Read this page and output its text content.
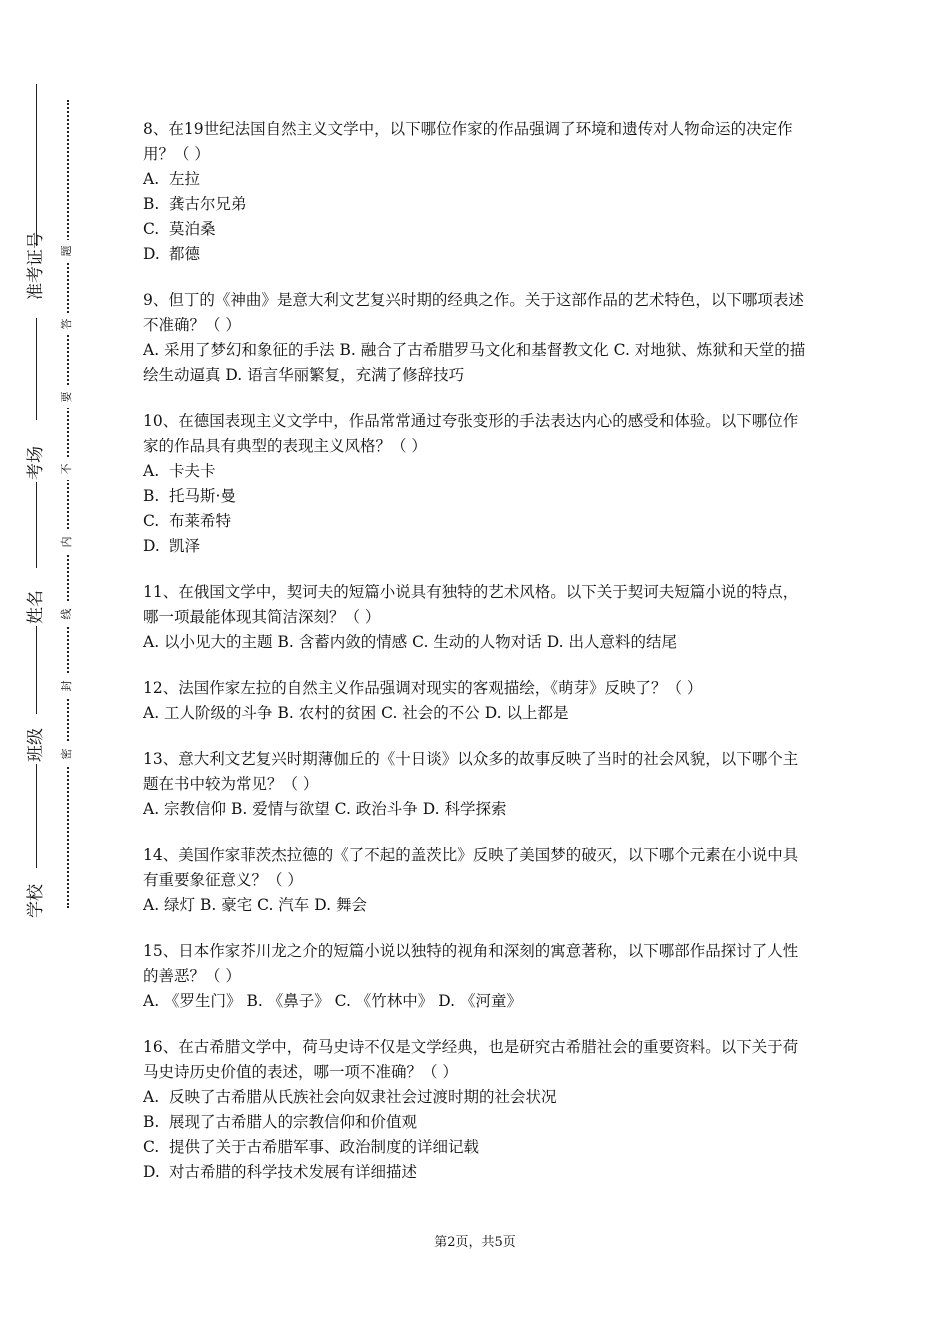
准考证号
考场
姓名
班级
学校
题
答
要
不
内
线
封
密

8、在19世纪法国自然主义文学中，以下哪位作家的作品强调了环境和遗传对人物命运的决定作用？（ ）

A. 左拉

B. 龚古尔兄弟

C. 莫泊桑

D. 都德

9、但丁的《神曲》是意大利文艺复兴时期的经典之作。关于这部作品的艺术特色，以下哪项表述不准确？（ ）

A. 采用了梦幻和象征的手法 B. 融合了古希腊罗马文化和基督教文化 C. 对地狱、炼狱和天堂的描绘生动逼真 D. 语言华丽繁复，充满了修辞技巧

10、在德国表现主义文学中，作品常常通过夸张变形的手法表达内心的感受和体验。以下哪位作家的作品具有典型的表现主义风格？（ ）

A. 卡夫卡

B. 托马斯·曼

C. 布莱希特

D. 凯泽

11、在俄国文学中，契诃夫的短篇小说具有独特的艺术风格。以下关于契诃夫短篇小说的特点，哪一项最能体现其简洁深刻？（ ）

A. 以小见大的主题 B. 含蓄内敛的情感 C. 生动的人物对话 D. 出人意料的结尾

12、法国作家左拉的自然主义作品强调对现实的客观描绘，《萌芽》反映了？（ ）

A. 工人阶级的斗争 B. 农村的贫困 C. 社会的不公 D. 以上都是

13、意大利文艺复兴时期薄伽丘的《十日谈》以众多的故事反映了当时的社会风貌，以下哪个主题在书中较为常见？（ ）

A. 宗教信仰 B. 爱情与欲望 C. 政治斗争 D. 科学探索

14、美国作家菲茨杰拉德的《了不起的盖茨比》反映了美国梦的破灭，以下哪个元素在小说中具有重要象征意义？（ ）

A. 绿灯 B. 豪宅 C. 汽车 D. 舞会

15、日本作家芥川龙之介的短篇小说以独特的视角和深刻的寓意著称，以下哪部作品探讨了人性的善恶？（ ）

A. 《罗生门》 B. 《鼻子》 C. 《竹林中》 D. 《河童》

16、在古希腊文学中，荷马史诗不仅是文学经典，也是研究古希腊社会的重要资料。以下关于荷马史诗历史价值的表述，哪一项不准确？（ ）

A. 反映了古希腊从氏族社会向奴隶社会过渡时期的社会状况

B. 展现了古希腊人的宗教信仰和价值观

C. 提供了关于古希腊军事、政治制度的详细记载

D. 对古希腊的科学技术发展有详细描述

第2页，共5页
